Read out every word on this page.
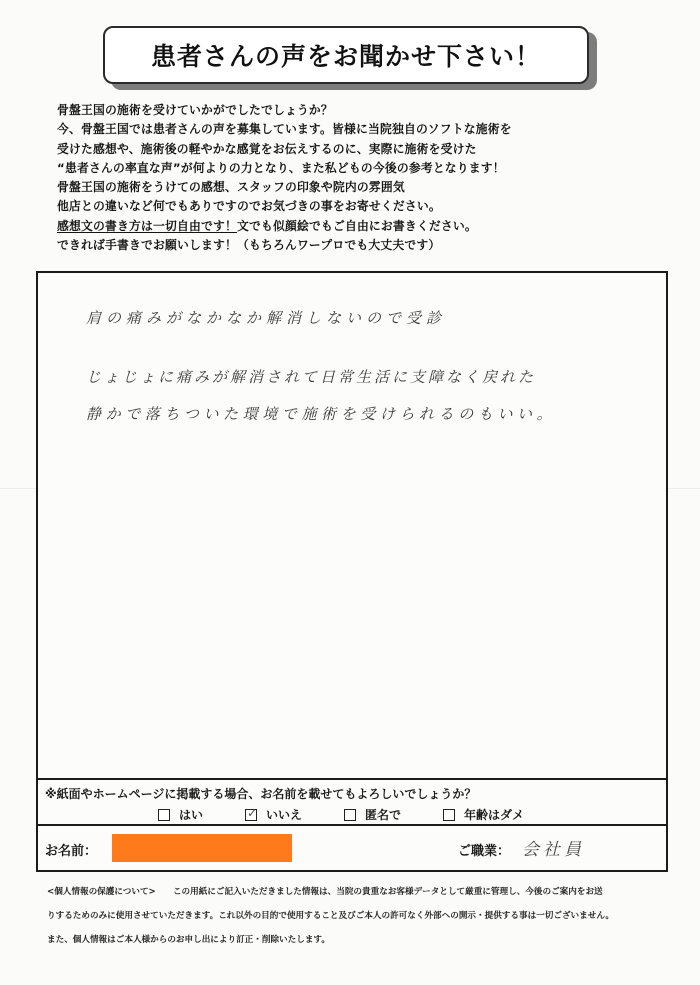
患者さんの声をお聞かせ下さい！
骨盤王国の施術を受けていかがでしたでしょうか？
今、骨盤王国では患者さんの声を募集しています。皆様に当院独自のソフトな施術を
受けた感想や、施術後の軽やかな感覚をお伝えするのに、実際に施術を受けた
“患者さんの率直な声”が何よりの力となり、また私どもの今後の参考となります！
骨盤王国の施術をうけての感想、スタッフの印象や院内の雰囲気
他店との違いなど何でもありですのでお気づきの事をお寄せください。
感想文の書き方は一切自由です！文でも似顔絵でもご自由にお書きください。
できれば手書きでお願いします！（もちろんワープロでも大丈夫です）
肩の痛みがなかなか解消しないので受診
じょじょに痛みが解消されて日常生活に支障なく戻れた
静かで落ちついた環境で施術を受けられるのもいい。
※紙面やホームページに掲載する場合、お名前を載せてもよろしいでしょうか？
はい	✓ いいえ	匿名で	年齢はダメ
お名前：	ご職業： 会社員
<個人情報の保護について>　　この用紙にご記入いただきました情報は、当院の貴重なお客様データとして厳重に管理し、今後のご案内をお送
りするためのみに使用させていただきます。これ以外の目的で使用すること及びご本人の許可なく外部への開示・提供する事は一切ございません。
また、個人情報はご本人様からのお申し出により訂正・削除いたします。
